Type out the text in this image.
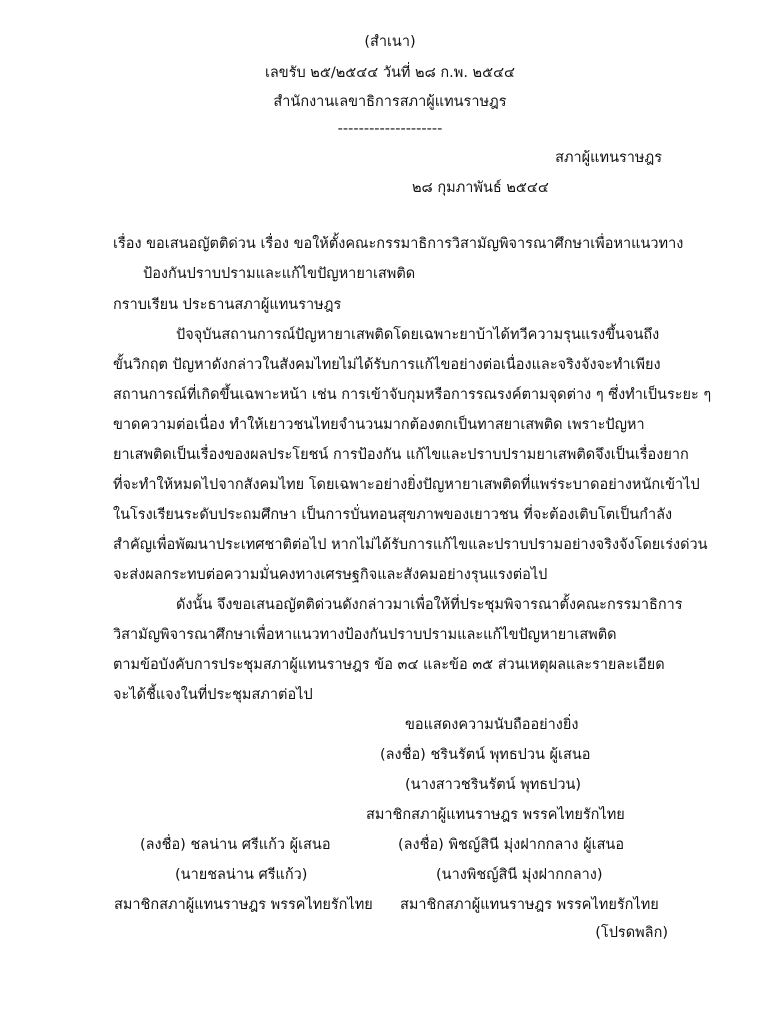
(สำเนา)
เลขรับ ๒๕/๒๕๔๔ วันที่ ๒๘ ก.พ. ๒๕๔๔
สำนักงานเลขาธิการสภาผู้แทนราษฎร
--------------------
สภาผู้แทนราษฎร
๒๘ กุมภาพันธ์ ๒๕๔๔
เรื่อง ขอเสนอญัตติด่วน เรื่อง ขอให้ตั้งคณะกรรมาธิการวิสามัญพิจารณาศึกษาเพื่อหาแนวทาง
ป้องกันปราบปรามและแก้ไขปัญหายาเสพติด
กราบเรียน ประธานสภาผู้แทนราษฎร
ปัจจุบันสถานการณ์ปัญหายาเสพติดโดยเฉพาะยาบ้าได้ทวีความรุนแรงขึ้นจนถึง
ขั้นวิกฤต ปัญหาดังกล่าวในสังคมไทยไม่ได้รับการแก้ไขอย่างต่อเนื่องและจริงจังจะทำเพียง
สถานการณ์ที่เกิดขึ้นเฉพาะหน้า เช่น การเข้าจับกุมหรือการรณรงค์ตามจุดต่าง ๆ ซึ่งทำเป็นระยะ ๆ
ขาดความต่อเนื่อง ทำให้เยาวชนไทยจำนวนมากต้องตกเป็นทาสยาเสพติด เพราะปัญหา
ยาเสพติดเป็นเรื่องของผลประโยชน์ การป้องกัน แก้ไขและปราบปรามยาเสพติดจึงเป็นเรื่องยาก
ที่จะทำให้หมดไปจากสังคมไทย โดยเฉพาะอย่างยิ่งปัญหายาเสพติดที่แพร่ระบาดอย่างหนักเข้าไป
ในโรงเรียนระดับประถมศึกษา เป็นการบั่นทอนสุขภาพของเยาวชน ที่จะต้องเติบโตเป็นกำลัง
สำคัญเพื่อพัฒนาประเทศชาติต่อไป หากไม่ได้รับการแก้ไขและปราบปรามอย่างจริงจังโดยเร่งด่วน
จะส่งผลกระทบต่อความมั่นคงทางเศรษฐกิจและสังคมอย่างรุนแรงต่อไป
ดังนั้น จึงขอเสนอญัตติด่วนดังกล่าวมาเพื่อให้ที่ประชุมพิจารณาตั้งคณะกรรมาธิการ
วิสามัญพิจารณาศึกษาเพื่อหาแนวทางป้องกันปราบปรามและแก้ไขปัญหายาเสพติด
ตามข้อบังคับการประชุมสภาผู้แทนราษฎร ข้อ ๓๔ และข้อ ๓๕ ส่วนเหตุผลและรายละเอียด
จะได้ชี้แจงในที่ประชุมสภาต่อไป
ขอแสดงความนับถืออย่างยิ่ง
(ลงชื่อ) ชรินรัตน์ พุทธปวน ผู้เสนอ
(นางสาวชรินรัตน์ พุทธปวน)
สมาชิกสภาผู้แทนราษฎร พรรคไทยรักไทย
(ลงชื่อ) ชลน่าน ศรีแก้ว ผู้เสนอ
(นายชลน่าน ศรีแก้ว)
สมาชิกสภาผู้แทนราษฎร พรรคไทยรักไทย
(ลงชื่อ) พิชญ์สินี มุ่งฝากกลาง ผู้เสนอ
(นางพิชญ์สินี มุ่งฝากกลาง)
สมาชิกสภาผู้แทนราษฎร พรรคไทยรักไทย
(โปรดพลิก)
